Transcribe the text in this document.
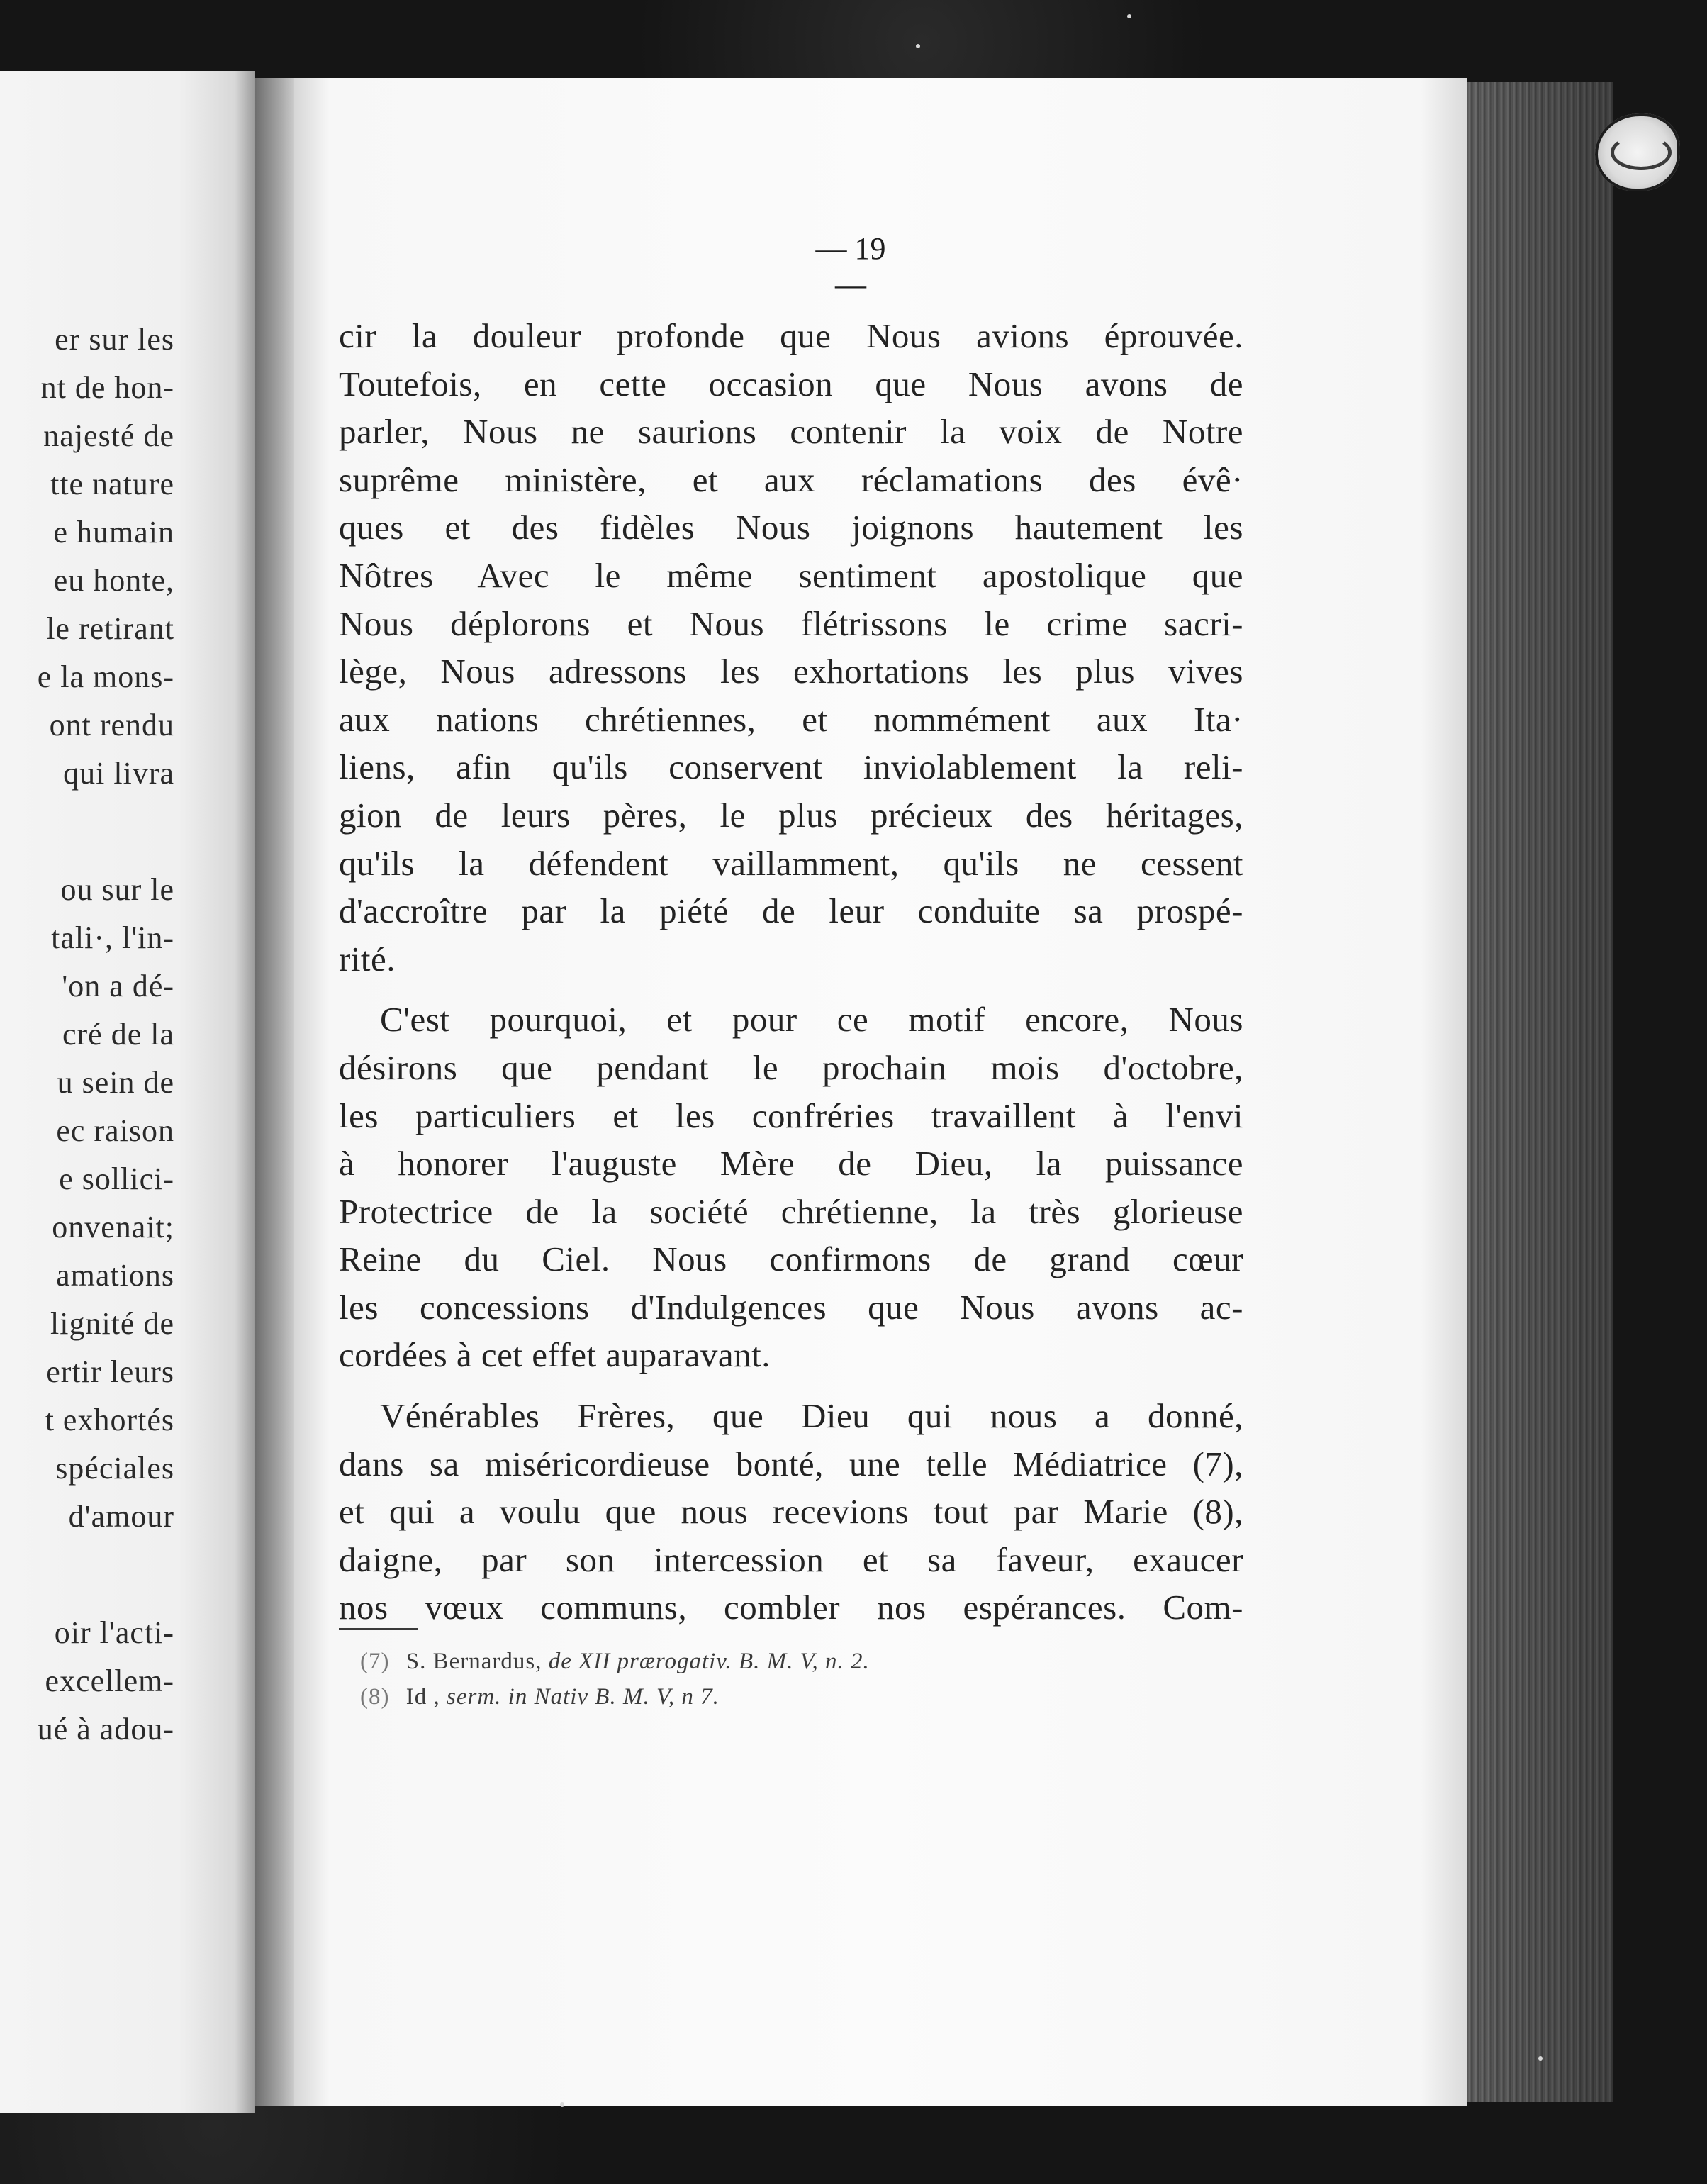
er sur les
nt de hon-
najesté de
tte nature
e humain
eu honte,
le retirant
e la mons-
ont rendu
qui livra
ou sur le
tali·, l'in-
'on a dé-
cré de la
u sein de
ec raison
e sollici-
onvenait;
amations
lignité de
ertir leurs
t exhortés
spéciales
d'amour
oir l'acti-
excellem-
ué à adou-
— 19 —
cir la douleur profonde que Nous avions éprouvée.
Toutefois, en cette occasion que Nous avons de
parler, Nous ne saurions contenir la voix de Notre
suprême ministère, et aux réclamations des évê·
ques et des fidèles Nous joignons hautement les
Nôtres Avec le même sentiment apostolique que
Nous déplorons et Nous flétrissons le crime sacri-
lège, Nous adressons les exhortations les plus vives
aux nations chrétiennes, et nommément aux Ita·
liens, afin qu'ils conservent inviolablement la reli-
gion de leurs pères, le plus précieux des héritages,
qu'ils la défendent vaillamment, qu'ils ne cessent
d'accroître par la piété de leur conduite sa prospé-
rité.
C'est pourquoi, et pour ce motif encore, Nous
désirons que pendant le prochain mois d'octobre,
les particuliers et les confréries travaillent à l'envi
à honorer l'auguste Mère de Dieu, la puissance
Protectrice de la société chrétienne, la très glorieuse
Reine du Ciel. Nous confirmons de grand cœur
les concessions d'Indulgences que Nous avons ac-
cordées à cet effet auparavant.
Vénérables Frères, que Dieu qui nous a donné,
dans sa miséricordieuse bonté, une telle Médiatrice (7),
et qui a voulu que nous recevions tout par Marie (8),
daigne, par son intercession et sa faveur, exaucer
nos vœux communs, combler nos espérances. Com-
(7) S. Bernardus, de XII prærogativ. B. M. V, n. 2.
(8) Id , serm. in Nativ B. M. V, n 7.
